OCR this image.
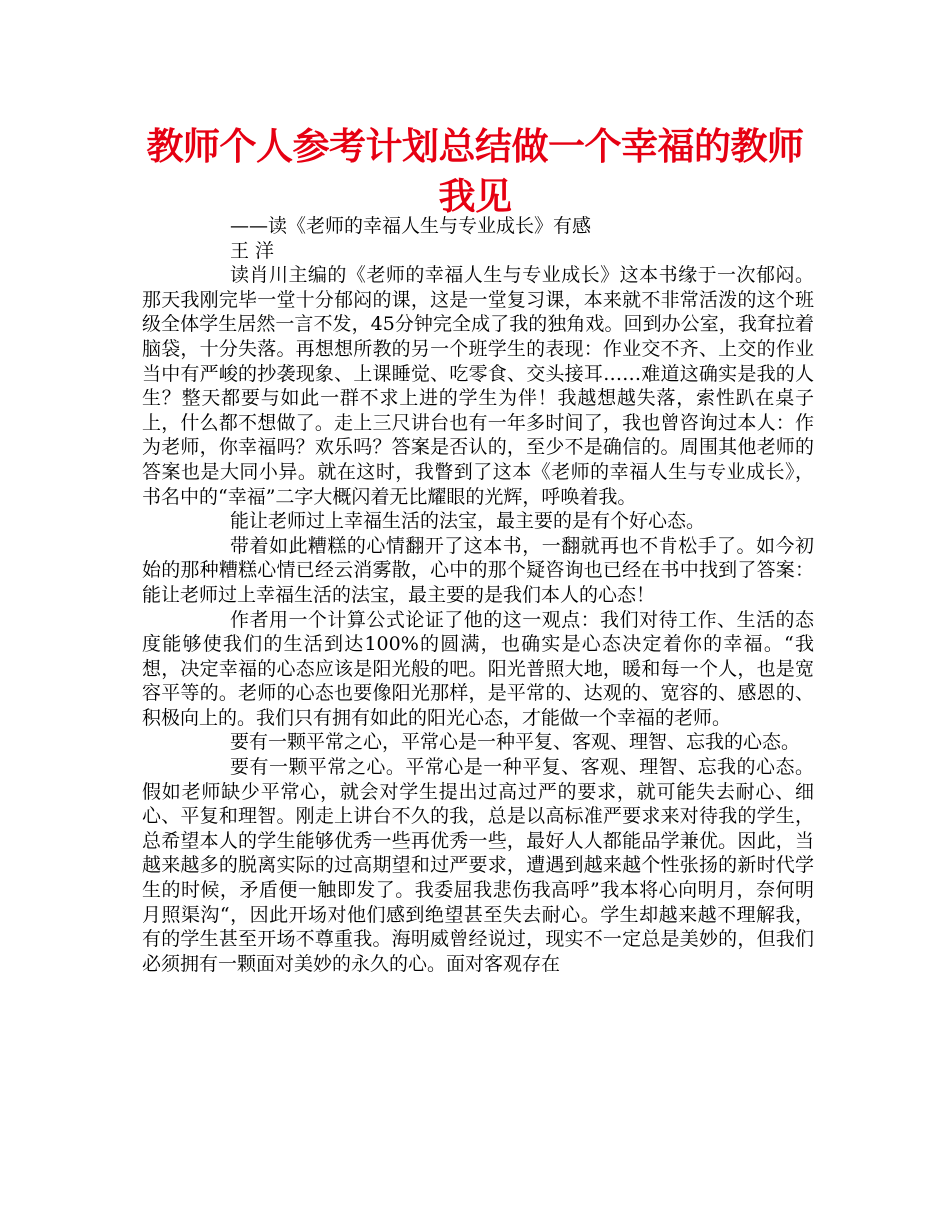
教师个人参考计划总结做一个幸福的教师我见
——读《老师的幸福人生与专业成长》有感
王 洋

读肖川主编的《老师的幸福人生与专业成长》这本书缘于一次郁闷。那天我刚完毕一堂十分郁闷的课，这是一堂复习课，本来就不非常活泼的这个班级全体学生居然一言不发，45分钟完全成了我的独角戏。回到办公室，我耷拉着脑袋，十分失落。再想想所教的另一个班学生的表现：作业交不齐、上交的作业当中有严峻的抄袭现象、上课睡觉、吃零食、交头接耳……难道这确实是我的人生？整天都要与如此一群不求上进的学生为伴！我越想越失落，索性趴在桌子上，什么都不想做了。走上三尺讲台也有一年多时间了，我也曾咨询过本人：作为老师，你幸福吗？欢乐吗？答案是否认的，至少不是确信的。周围其他老师的答案也是大同小异。就在这时，我瞥到了这本《老师的幸福人生与专业成长》，书名中的“幸福”二字大概闪着无比耀眼的光辉，呼唤着我。

能让老师过上幸福生活的法宝，最主要的是有个好心态。

带着如此糟糕的心情翻开了这本书，一翻就再也不肯松手了。如今初始的那种糟糕心情已经云消雾散，心中的那个疑咨询也已经在书中找到了答案：能让老师过上幸福生活的法宝，最主要的是我们本人的心态！

作者用一个计算公式论证了他的这一观点：我们对待工作、生活的态度能够使我们的生活到达100%的圆满，也确实是心态决定着你的幸福。“我想，决定幸福的心态应该是阳光般的吧。阳光普照大地，暖和每一个人，也是宽容平等的。老师的心态也要像阳光那样，是平常的、达观的、宽容的、感恩的、积极向上的。我们只有拥有如此的阳光心态，才能做一个幸福的老师。

要有一颗平常之心，平常心是一种平复、客观、理智、忘我的心态。

要有一颗平常之心。平常心是一种平复、客观、理智、忘我的心态。假如老师缺少平常心，就会对学生提出过高过严的要求，就可能失去耐心、细心、平复和理智。刚走上讲台不久的我，总是以高标准严要求来对待我的学生，总希望本人的学生能够优秀一些再优秀一些，最好人人都能品学兼优。因此，当越来越多的脱离实际的过高期望和过严要求，遭遇到越来越个性张扬的新时代学生的时候，矛盾便一触即发了。我委屈我悲伤我高呼”我本将心向明月，奈何明月照渠沟“，因此开场对他们感到绝望甚至失去耐心。学生却越来越不理解我，有的学生甚至开场不尊重我。海明威曾经说过，现实不一定总是美妙的，但我们必须拥有一颗面对美妙的永久的心。面对客观存在
